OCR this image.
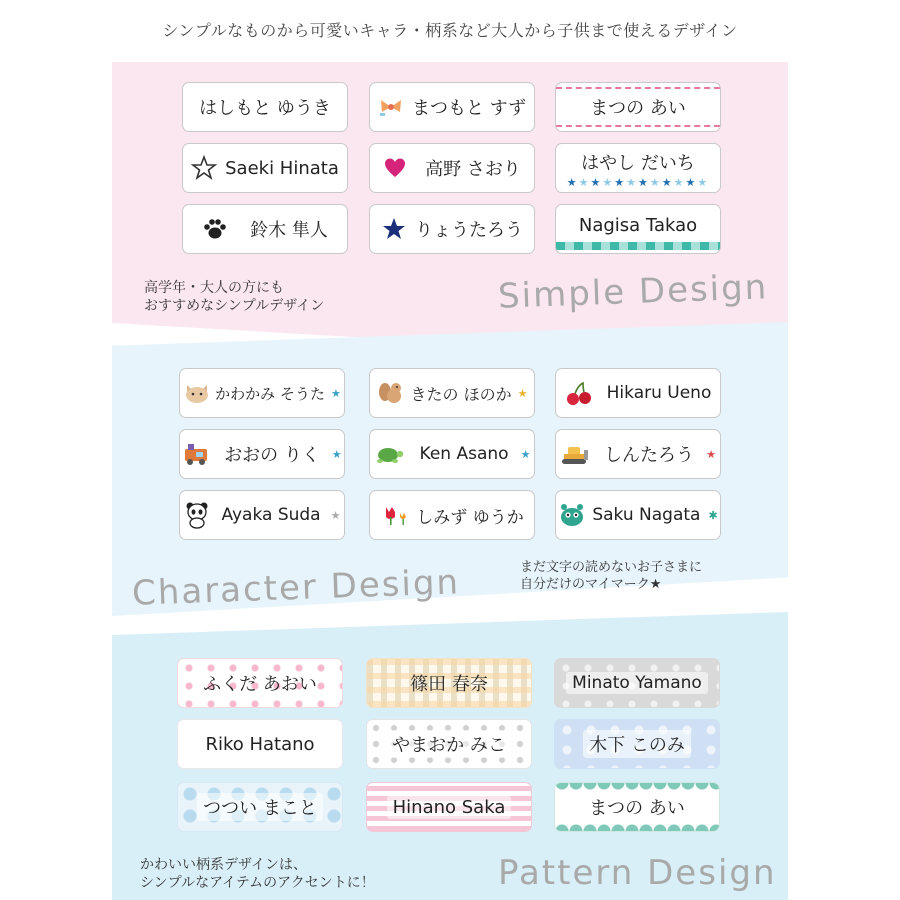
シンプルなものから可愛いキャラ・柄系など大人から子供まで使えるデザイン
はしもと ゆうき	まつもと すず	まつの あい
Saeki Hinata	高野 さおり
★★★★★★★★★★★★
はやし だいち
鈴木 隼人	りょうたろう	Nagisa Takao
高学年・大人の方にも
おすすめなシンプルデザイン	Simple Design
かわかみ そうた ★	きたの ほのか ★	Hikaru Ueno
おおの りく ★	Ken Asano ★	しんたろう ★
Ayaka Suda ★	しみず ゆうか	Saku Nagata ✱
まだ文字の読めないお子さまに
自分だけのマイマーク★
Character Design
ふくだ あおい	篠田 春奈	Minato Yamano
Riko Hatano	やまおか みこ	木下 このみ
つつい まこと	Hinano Saka	まつの あい
かわいい柄系デザインは、
シンプルなアイテムのアクセントに！	Pattern Design
